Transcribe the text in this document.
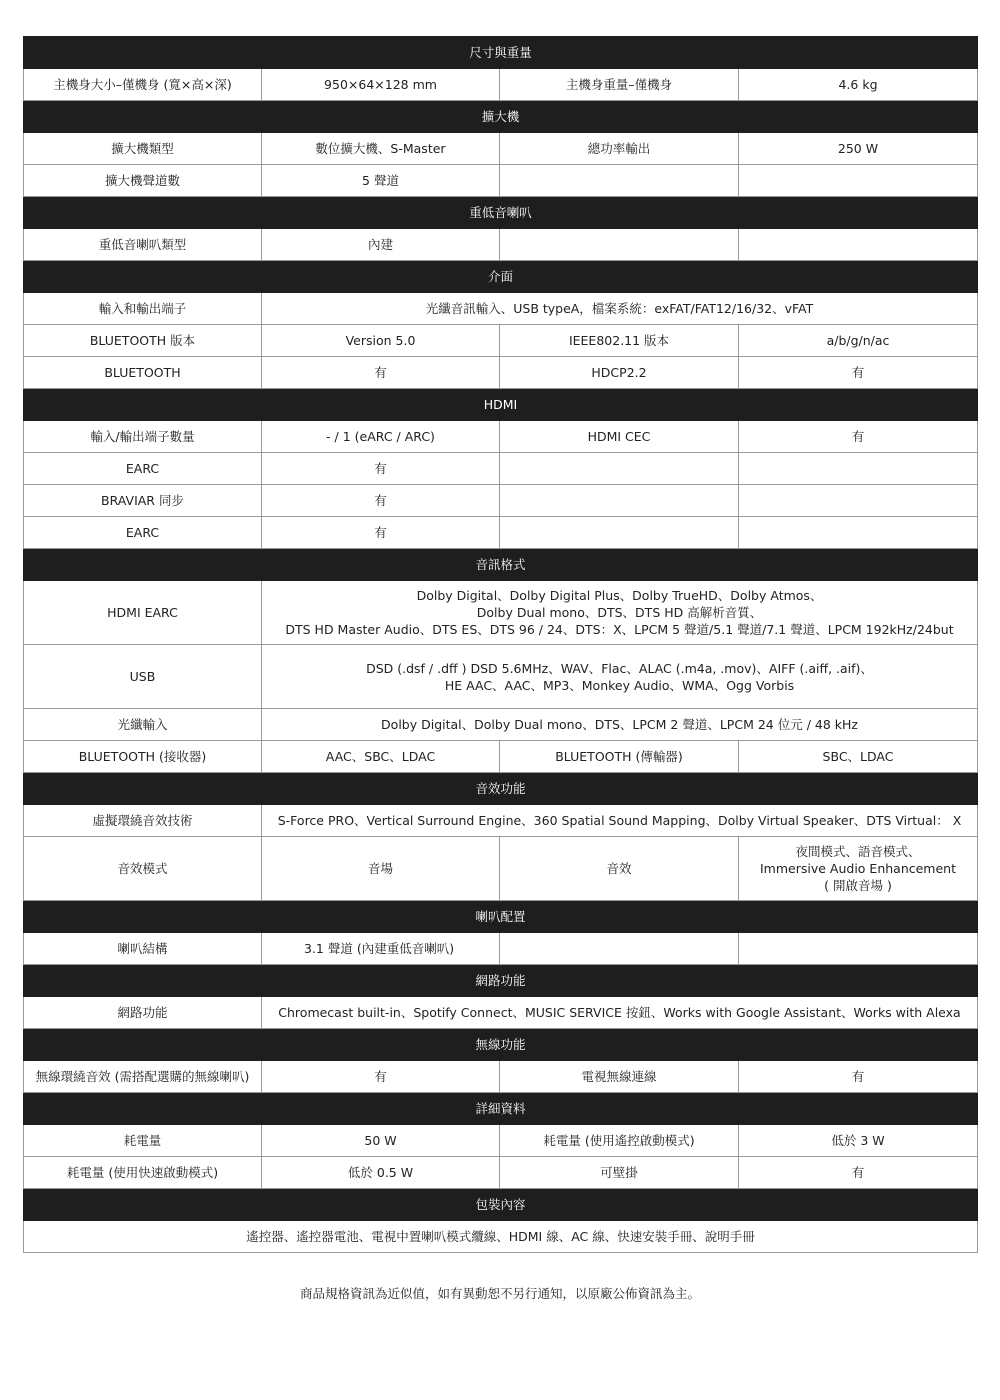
尺寸與重量			
主機身大小–僅機身 (寬×高×深)	950×64×128 mm	主機身重量–僅機身	4.6 kg
擴大機			
擴大機類型	數位擴大機、S-Master	總功率輸出	250 W
擴大機聲道數	5 聲道		
重低音喇叭			
重低音喇叭類型	內建		
介面			
輸入和輸出端子	光纖音訊輸入、USB typeA，檔案系統：exFAT/FAT12/16/32、vFAT		
BLUETOOTH 版本	Version 5.0	IEEE802.11 版本	a/b/g/n/ac
BLUETOOTH	有	HDCP2.2	有
HDMI			
輸入/輸出端子數量	- / 1 (eARC / ARC)	HDMI CEC	有
EARC	有		
BRAVIAR 同步	有		
EARC	有		
音訊格式			
HDMI EARC	Dolby Digital、Dolby Digital Plus、Dolby TrueHD、Dolby Atmos、
Dolby Dual mono、DTS、DTS HD 高解析音質、
DTS HD Master Audio、DTS ES、DTS 96 / 24、DTS：X、LPCM 5 聲道/5.1 聲道/7.1 聲道、LPCM 192kHz/24but		
USB	DSD (.dsf / .dff ) DSD 5.6MHz、WAV、Flac、ALAC (.m4a, .mov)、AIFF (.aiff, .aif)、
HE AAC、AAC、MP3、Monkey Audio、WMA、Ogg Vorbis		
光纖輸入	Dolby Digital、Dolby Dual mono、DTS、LPCM 2 聲道、LPCM 24 位元 / 48 kHz		
BLUETOOTH (接收器)	AAC、SBC、LDAC	BLUETOOTH (傳輸器)	SBC、LDAC
音效功能			
虛擬環繞音效技術	S-Force PRO、Vertical Surround Engine、360 Spatial Sound Mapping、Dolby Virtual Speaker、DTS Virtual： X		
音效模式	音場	音效	夜間模式、語音模式、
Immersive Audio Enhancement
( 開啟音場 )
喇叭配置			
喇叭結構	3.1 聲道 (內建重低音喇叭)		
網路功能			
網路功能	Chromecast built-in、Spotify Connect、MUSIC SERVICE 按鈕、Works with Google Assistant、Works with Alexa		
無線功能			
無線環繞音效 (需搭配選購的無線喇叭)	有	電視無線連線	有
詳細資料			
耗電量	50 W	耗電量 (使用遙控啟動模式)	低於 3 W
耗電量 (使用快速啟動模式)	低於 0.5 W	可壁掛	有
包裝內容			
遙控器、遙控器電池、電視中置喇叭模式纜線、HDMI 線、AC 線、快速安裝手冊、說明手冊			
商品規格資訊為近似值，如有異動恕不另行通知，以原廠公佈資訊為主。
